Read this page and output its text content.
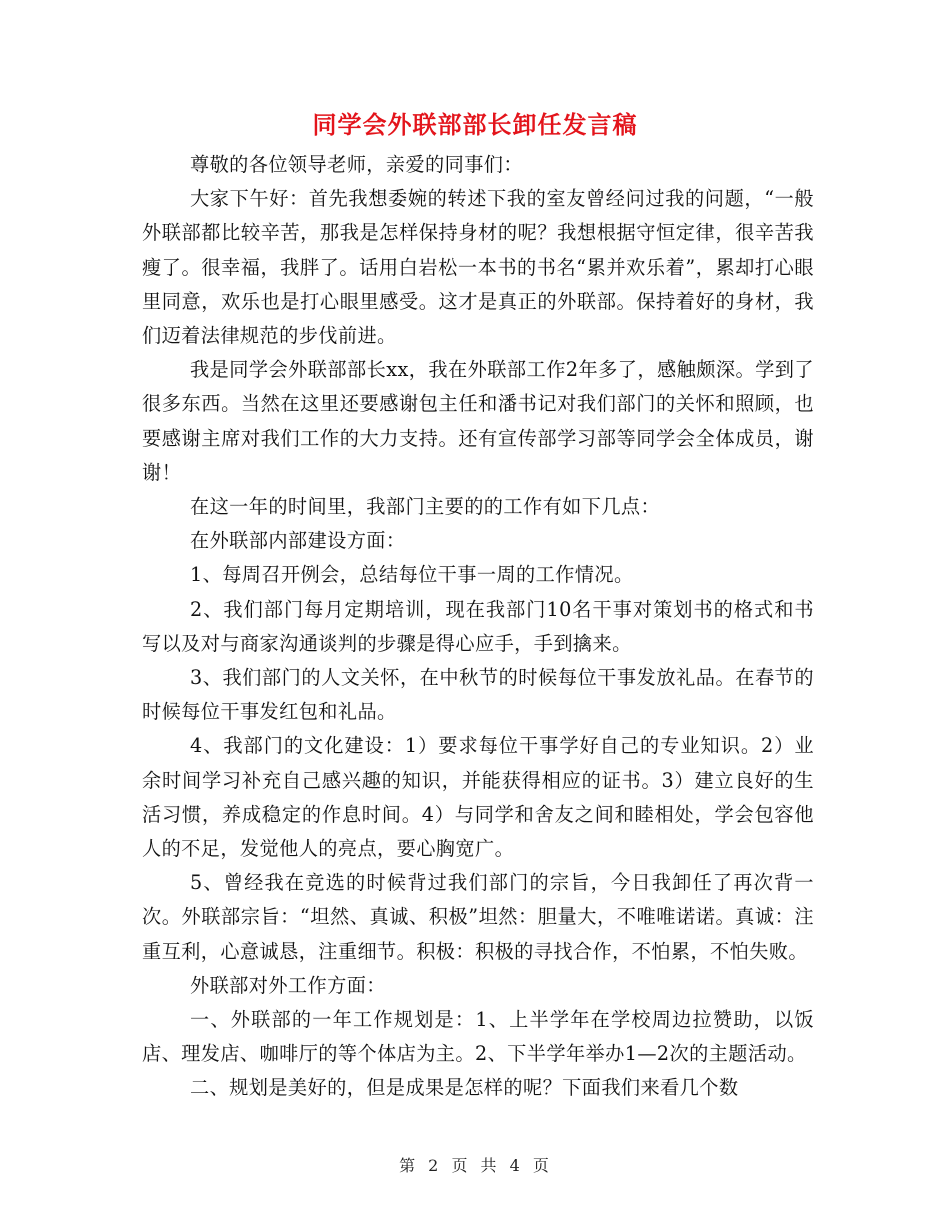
同学会外联部部长卸任发言稿

尊敬的各位领导老师，亲爱的同事们：

大家下午好：首先我想委婉的转述下我的室友曾经问过我的问题，“一般外联部都比较辛苦，那我是怎样保持身材的呢？我想根据守恒定律，很辛苦我瘦了。很幸福，我胖了。话用白岩松一本书的书名“累并欢乐着”，累却打心眼里同意，欢乐也是打心眼里感受。这才是真正的外联部。保持着好的身材，我们迈着法律规范的步伐前进。

我是同学会外联部部长xx，我在外联部工作2年多了，感触颇深。学到了很多东西。当然在这里还要感谢包主任和潘书记对我们部门的关怀和照顾，也要感谢主席对我们工作的大力支持。还有宣传部学习部等同学会全体成员，谢谢！

在这一年的时间里，我部门主要的的工作有如下几点：

在外联部内部建设方面：

1、每周召开例会，总结每位干事一周的工作情况。

2、我们部门每月定期培训，现在我部门10名干事对策划书的格式和书写以及对与商家沟通谈判的步骤是得心应手，手到擒来。

3、我们部门的人文关怀，在中秋节的时候每位干事发放礼品。在春节的时候每位干事发红包和礼品。

4、我部门的文化建设：1）要求每位干事学好自己的专业知识。2）业余时间学习补充自己感兴趣的知识，并能获得相应的证书。3）建立良好的生活习惯，养成稳定的作息时间。4）与同学和舍友之间和睦相处，学会包容他人的不足，发觉他人的亮点，要心胸宽广。

5、曾经我在竞选的时候背过我们部门的宗旨，今日我卸任了再次背一次。外联部宗旨：“坦然、真诚、积极”坦然：胆量大，不唯唯诺诺。真诚：注重互利，心意诚恳，注重细节。积极：积极的寻找合作，不怕累，不怕失败。

外联部对外工作方面：

一、外联部的一年工作规划是：1、上半学年在学校周边拉赞助，以饭店、理发店、咖啡厅的等个体店为主。2、下半学年举办1—2次的主题活动。

二、规划是美好的，但是成果是怎样的呢？下面我们来看几个数

第 2 页 共 4 页
